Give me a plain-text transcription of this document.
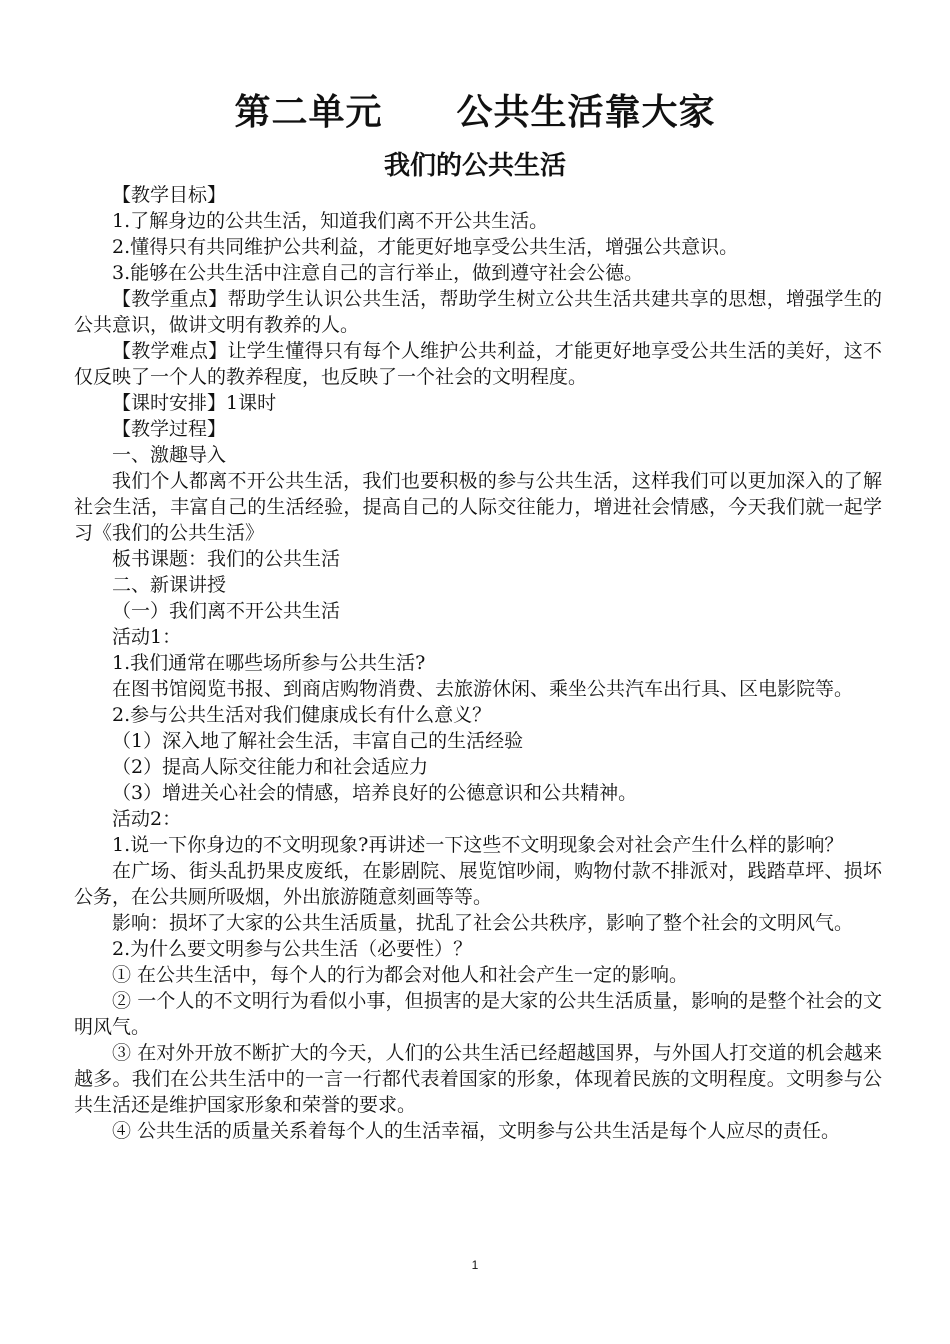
第二单元　　公共生活靠大家
我们的公共生活

【教学目标】

1.了解身边的公共生活，知道我们离不开公共生活。

2.懂得只有共同维护公共利益，才能更好地享受公共生活，增强公共意识。

3.能够在公共生活中注意自己的言行举止，做到遵守社会公德。

【教学重点】帮助学生认识公共生活，帮助学生树立公共生活共建共享的思想，增强学生的公共意识，做讲文明有教养的人。

【教学难点】让学生懂得只有每个人维护公共利益，才能更好地享受公共生活的美好，这不仅反映了一个人的教养程度，也反映了一个社会的文明程度。

【课时安排】1课时

【教学过程】

一、激趣导入

我们个人都离不开公共生活，我们也要积极的参与公共生活，这样我们可以更加深入的了解社会生活，丰富自己的生活经验，提高自己的人际交往能力，增进社会情感，今天我们就一起学习《我们的公共生活》

板书课题：我们的公共生活

二、新课讲授

（一）我们离不开公共生活

活动1：

1.我们通常在哪些场所参与公共生活?

在图书馆阅览书报、到商店购物消费、去旅游休闲、乘坐公共汽车出行具、区电影院等。

2.参与公共生活对我们健康成长有什么意义？

（1）深入地了解社会生活，丰富自己的生活经验

（2）提高人际交往能力和社会适应力

（3）增进关心社会的情感，培养良好的公德意识和公共精神。

活动2：

1.说一下你身边的不文明现象?再讲述一下这些不文明现象会对社会产生什么样的影响？

在广场、街头乱扔果皮废纸，在影剧院、展览馆吵闹，购物付款不排派对，践踏草坪、损坏公务，在公共厕所吸烟，外出旅游随意刻画等等。

影响：损坏了大家的公共生活质量，扰乱了社会公共秩序，影响了整个社会的文明风气。

2.为什么要文明参与公共生活（必要性）？

① 在公共生活中，每个人的行为都会对他人和社会产生一定的影响。

② 一个人的不文明行为看似小事，但损害的是大家的公共生活质量，影响的是整个社会的文明风气。

③ 在对外开放不断扩大的今天，人们的公共生活已经超越国界，与外国人打交道的机会越来越多。我们在公共生活中的一言一行都代表着国家的形象，体现着民族的文明程度。文明参与公共生活还是维护国家形象和荣誉的要求。

④ 公共生活的质量关系着每个人的生活幸福，文明参与公共生活是每个人应尽的责任。

1
